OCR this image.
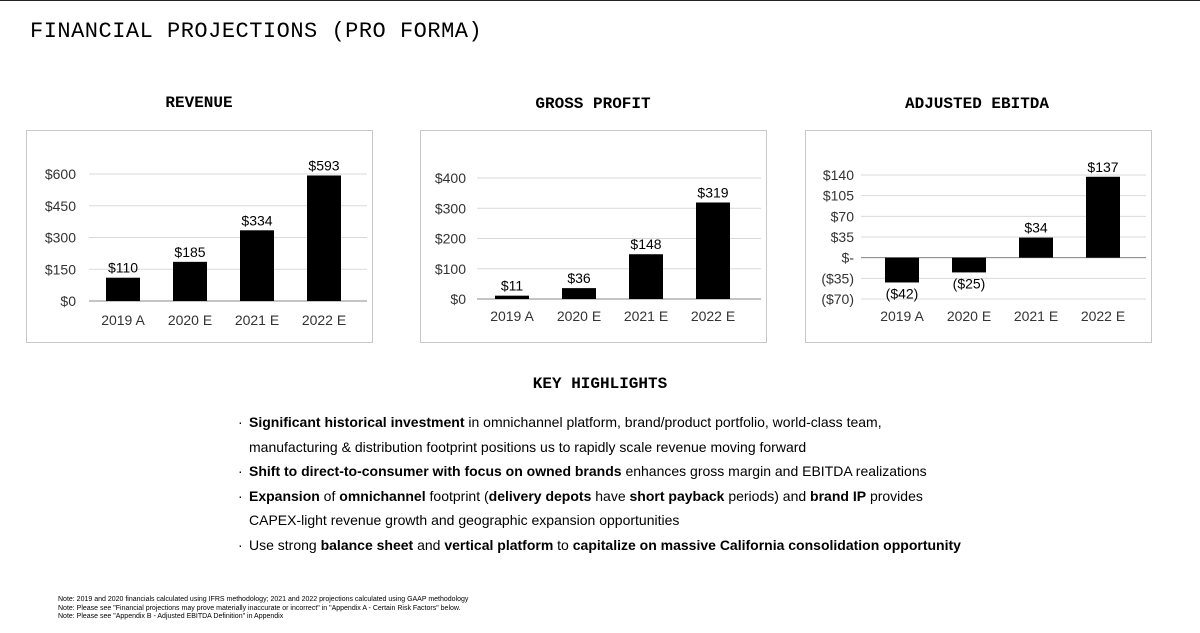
FINANCIAL PROJECTIONS (PRO FORMA)
REVENUE	GROSS PROFIT	ADJUSTED EBITDA
$0
$150
$300
$450
$600
$110
2019 A
$185
2020 E
$334
2021 E
$593
2022 E
$0
$100
$200
$300
$400
$11
2019 A
$36
2020 E
$148
2021 E
$319
2022 E
($70)
($35)
$-
$35
$70
$105
$140
($42)
2019 A
($25)
2020 E
$34
2021 E
$137
2022 E
KEY HIGHLIGHTS
· Significant historical investment in omnichannel platform, brand/product portfolio, world-class team,
manufacturing & distribution footprint positions us to rapidly scale revenue moving forward
· Shift to direct-to-consumer with focus on owned brands enhances gross margin and EBITDA realizations
· Expansion of omnichannel footprint (delivery depots have short payback periods) and brand IP provides
CAPEX-light revenue growth and geographic expansion opportunities
· Use strong balance sheet and vertical platform to capitalize on massive California consolidation opportunity
Note: 2019 and 2020 financials calculated using IFRS methodology; 2021 and 2022 projections calculated using GAAP methodology
Note: Please see "Financial projections may prove materially inaccurate or incorrect" in "Appendix A - Certain Risk Factors" below.
Note: Please see "Appendix B - Adjusted EBITDA Definition" in Appendix
